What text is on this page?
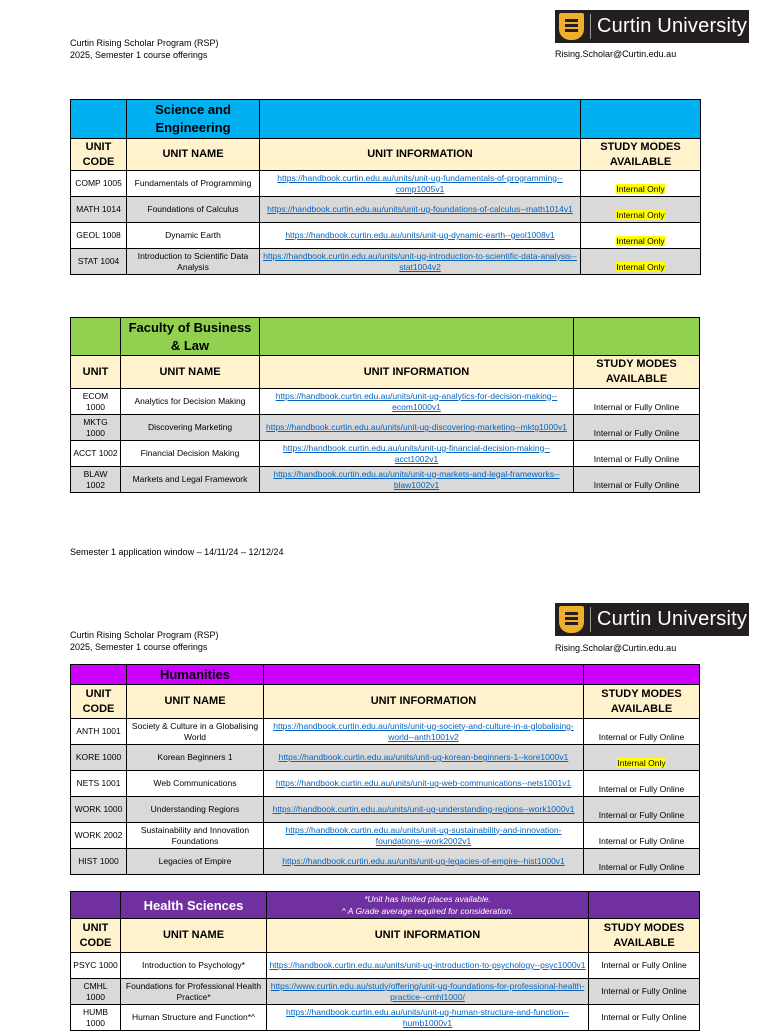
Curtin University
Curtin Rising Scholar Program (RSP)
2025, Semester 1 course offerings	Rising.Scholar@Curtin.edu.au
	Science and Engineering		
UNIT CODE	UNIT NAME	UNIT INFORMATION	STUDY MODES AVAILABLE
COMP 1005	Fundamentals of Programming	https://handbook.curtin.edu.au/units/unit-ug-fundamentals-of-programming--comp1005v1	Internal Only
MATH 1014	Foundations of Calculus	https://handbook.curtin.edu.au/units/unit-ug-foundations-of-calculus--math1014v1	Internal Only
GEOL 1008	Dynamic Earth	https://handbook.curtin.edu.au/units/unit-ug-dynamic-earth--geol1008v1	Internal Only
STAT 1004	Introduction to Scientific Data Analysis	https://handbook.curtin.edu.au/units/unit-ug-introduction-to-scientific-data-analysis--stat1004v2	Internal Only
	Faculty of Business & Law		
UNIT	UNIT NAME	UNIT INFORMATION	STUDY MODES AVAILABLE
ECOM 1000	Analytics for Decision Making	https://handbook.curtin.edu.au/units/unit-ug-analytics-for-decision-making--ecom1000v1	Internal or Fully Online
MKTG 1000	Discovering Marketing	https://handbook.curtin.edu.au/units/unit-ug-discovering-marketing--mktg1000v1	Internal or Fully Online
ACCT 1002	Financial Decision Making	https://handbook.curtin.edu.au/units/unit-ug-financial-decision-making--acct1002v1	Internal or Fully Online
BLAW 1002	Markets and Legal Framework	https://handbook.curtin.edu.au/units/unit-ug-markets-and-legal-frameworks--blaw1002v1	Internal or Fully Online
Semester 1 application window – 14/11/24 – 12/12/24
Curtin University
Curtin Rising Scholar Program (RSP)
2025, Semester 1 course offerings	Rising.Scholar@Curtin.edu.au
	Humanities		
UNIT CODE	UNIT NAME	UNIT INFORMATION	STUDY MODES AVAILABLE
ANTH 1001	Society & Culture in a Globalising World	https://handbook.curtin.edu.au/units/unit-ug-society-and-culture-in-a-globalising-world--anth1001v2	Internal or Fully Online
KORE 1000	Korean Beginners 1	https://handbook.curtin.edu.au/units/unit-ug-korean-beginners-1--kore1000v1	Internal Only
NETS 1001	Web Communications	https://handbook.curtin.edu.au/units/unit-ug-web-communications--nets1001v1	Internal or Fully Online
WORK 1000	Understanding Regions	https://handbook.curtin.edu.au/units/unit-ug-understanding-regions--work1000v1	Internal or Fully Online
WORK 2002	Sustainability and Innovation Foundations	https://handbook.curtin.edu.au/units/unit-ug-sustainability-and-innovation-foundations--work2002v1	Internal or Fully Online
HIST 1000	Legacies of Empire	https://handbook.curtin.edu.au/units/unit-ug-legacies-of-empire--hist1000v1	Internal or Fully Online
	Health Sciences	*Unit has limited places available.
^ A Grade average required for consideration.	

UNIT CODE	UNIT NAME	UNIT INFORMATION	STUDY MODES AVAILABLE
PSYC 1000	Introduction to Psychology*	https://handbook.curtin.edu.au/units/unit-ug-introduction-to-psychology--psyc1000v1	Internal or Fully Online
CMHL 1000	Foundations for Professional Health Practice*	https://www.curtin.edu.au/study/offering/unit-ug-foundations-for-professional-health-practice--cmhl1000/	Internal or Fully Online
HUMB 1000	Human Structure and Function*^	https://handbook.curtin.edu.au/units/unit-ug-human-structure-and-function--humb1000v1	Internal or Fully Online
